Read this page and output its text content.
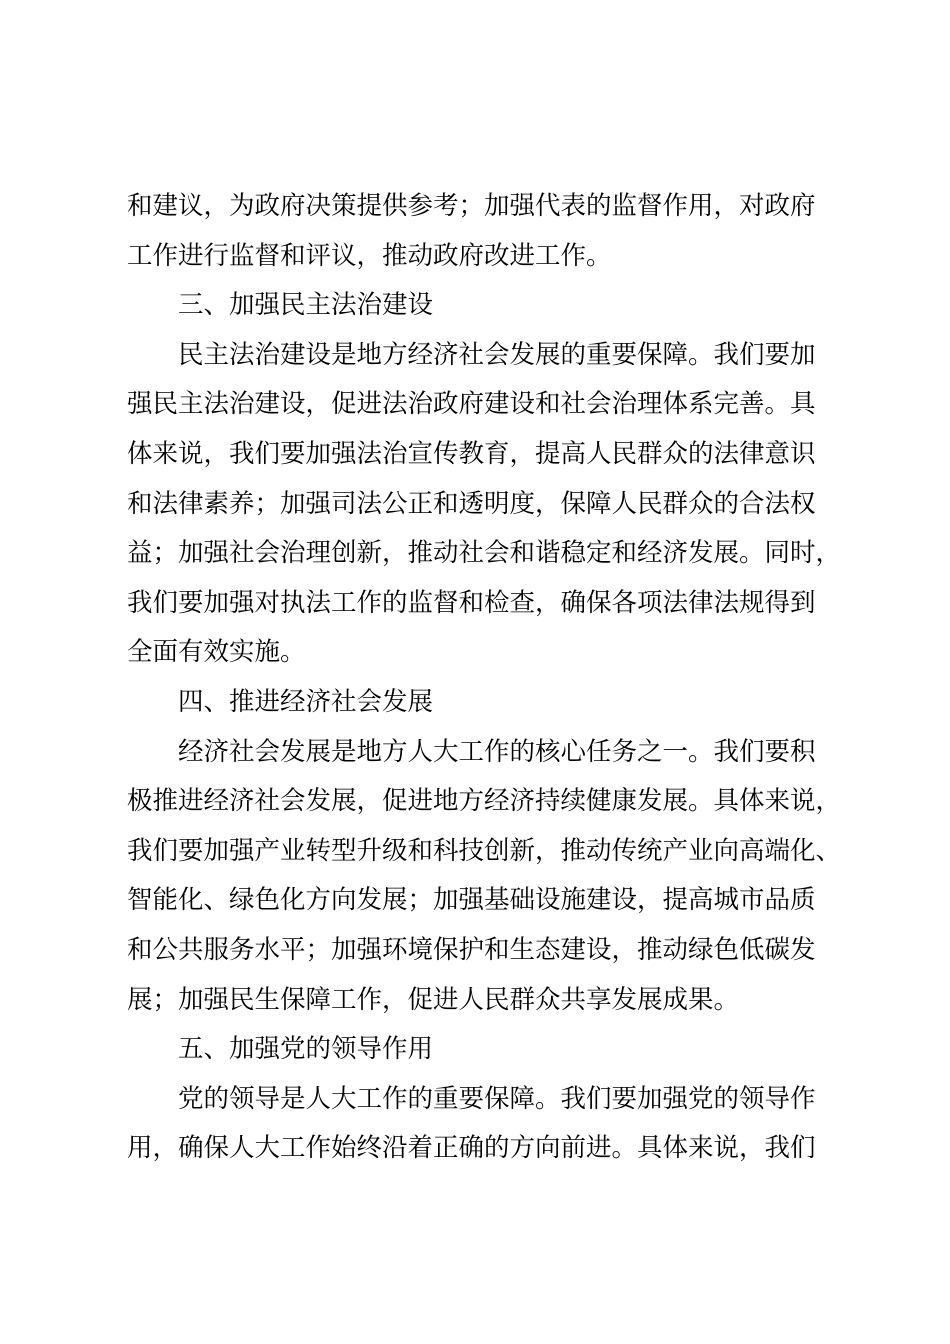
和建议，为政府决策提供参考；加强代表的监督作用，对政府
工作进行监督和评议，推动政府改进工作。

三、加强民主法治建设

民主法治建设是地方经济社会发展的重要保障。我们要加
强民主法治建设，促进法治政府建设和社会治理体系完善。具
体来说，我们要加强法治宣传教育，提高人民群众的法律意识
和法律素养；加强司法公正和透明度，保障人民群众的合法权
益；加强社会治理创新，推动社会和谐稳定和经济发展。同时，
我们要加强对执法工作的监督和检查，确保各项法律法规得到
全面有效实施。

四、推进经济社会发展

经济社会发展是地方人大工作的核心任务之一。我们要积
极推进经济社会发展，促进地方经济持续健康发展。具体来说，
我们要加强产业转型升级和科技创新，推动传统产业向高端化、
智能化、绿色化方向发展；加强基础设施建设，提高城市品质
和公共服务水平；加强环境保护和生态建设，推动绿色低碳发
展；加强民生保障工作，促进人民群众共享发展成果。

五、加强党的领导作用

党的领导是人大工作的重要保障。我们要加强党的领导作
用，确保人大工作始终沿着正确的方向前进。具体来说，我们
